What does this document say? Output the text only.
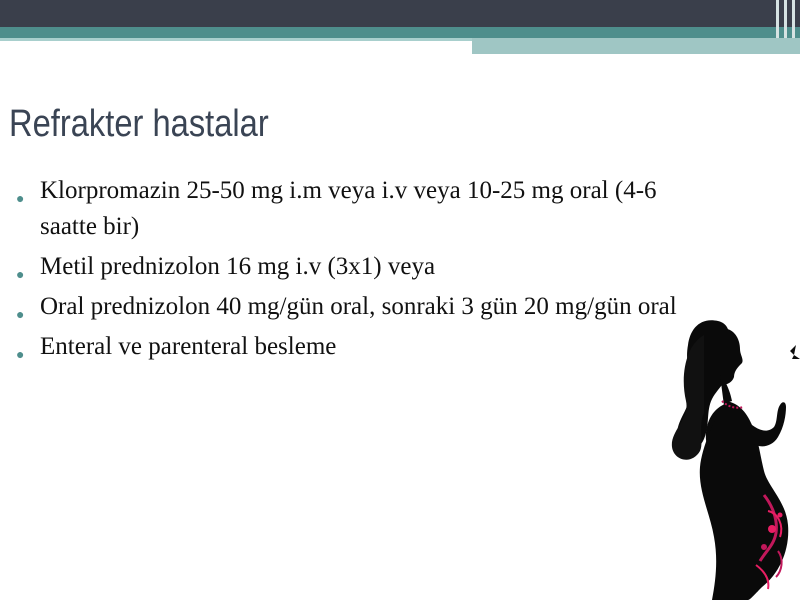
Refrakter hastalar
● Klorpromazin 25-50 mg i.m veya i.v veya 10-25 mg oral (4-6 saatte bir)
● Metil prednizolon 16 mg i.v (3x1) veya
● Oral prednizolon 40 mg/gün oral, sonraki 3 gün 20 mg/gün oral
● Enteral ve parenteral besleme
